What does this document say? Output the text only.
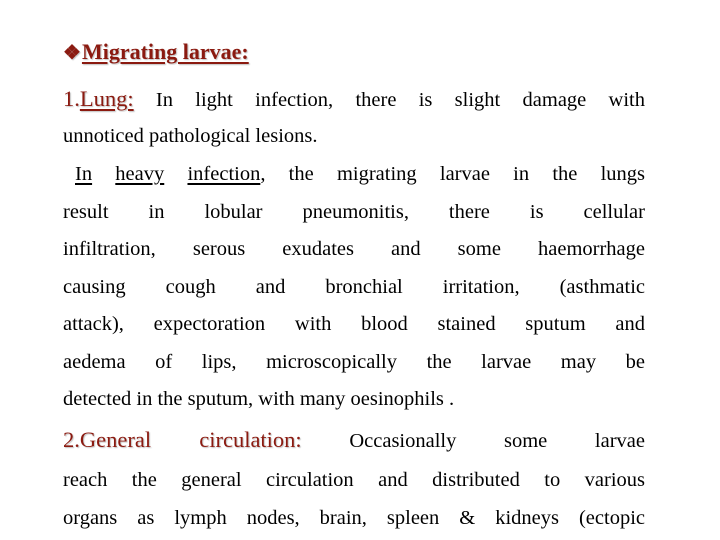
❖Migrating larvae:
1.Lung: In light infection, there is slight damage with
unnoticed pathological lesions.
In heavy infection, the migrating larvae in the lungs
result in lobular pneumonitis, there is cellular
infiltration, serous exudates and some haemorrhage
causing cough and bronchial irritation, (asthmatic
attack), expectoration with blood stained sputum and
aedema of lips, microscopically the larvae may be
detected in the sputum, with many oesinophils .
2.General circulation: Occasionally some larvae
reach the general circulation and distributed to various
organs as lymph nodes, brain, spleen & kidneys (ectopic
